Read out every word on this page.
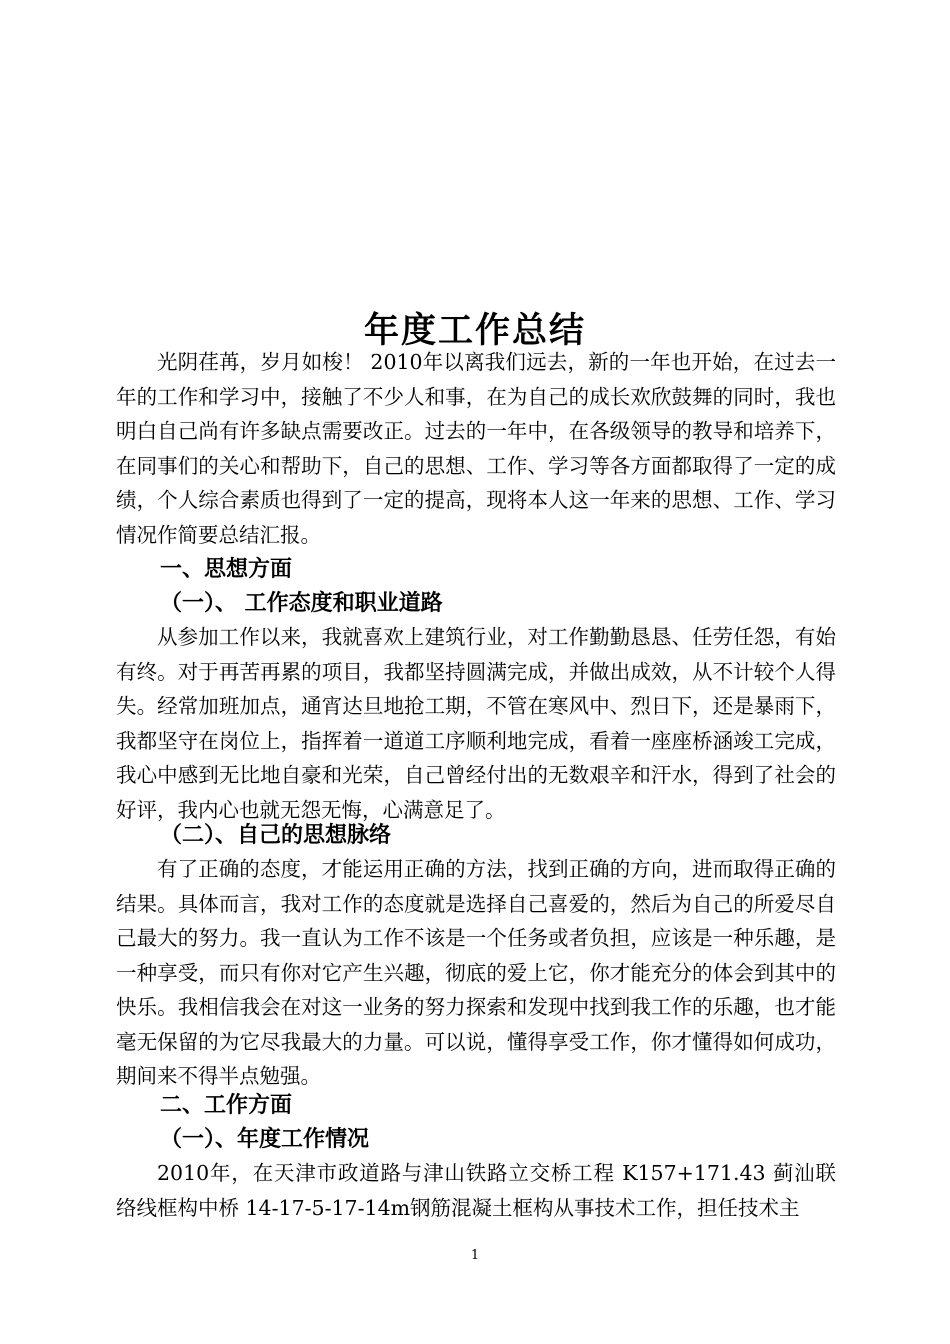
年度工作总结

光阴荏苒，岁月如梭！ 2010年以离我们远去，新的一年也开始，在过去一年的工作和学习中，接触了不少人和事，在为自己的成长欢欣鼓舞的同时，我也明白自己尚有许多缺点需要改正。过去的一年中，在各级领导的教导和培养下，在同事们的关心和帮助下，自己的思想、工作、学习等各方面都取得了一定的成绩，个人综合素质也得到了一定的提高，现将本人这一年来的思想、工作、学习情况作简要总结汇报。

一、思想方面
（一）、 工作态度和职业道路

从参加工作以来，我就喜欢上建筑行业，对工作勤勤恳恳、任劳任怨，有始有终。对于再苦再累的项目，我都坚持圆满完成，并做出成效，从不计较个人得失。经常加班加点，通宵达旦地抢工期，不管在寒风中、烈日下，还是暴雨下，我都坚守在岗位上，指挥着一道道工序顺利地完成，看着一座座桥涵竣工完成，我心中感到无比地自豪和光荣，自己曾经付出的无数艰辛和汗水，得到了社会的好评，我内心也就无怨无悔，心满意足了。

（二）、自己的思想脉络

有了正确的态度，才能运用正确的方法，找到正确的方向，进而取得正确的结果。具体而言，我对工作的态度就是选择自己喜爱的，然后为自己的所爱尽自己最大的努力。我一直认为工作不该是一个任务或者负担，应该是一种乐趣，是一种享受，而只有你对它产生兴趣，彻底的爱上它，你才能充分的体会到其中的快乐。我相信我会在对这一业务的努力探索和发现中找到我工作的乐趣，也才能毫无保留的为它尽我最大的力量。可以说，懂得享受工作，你才懂得如何成功，期间来不得半点勉强。

二、工作方面
（一）、年度工作情况

2010年，在天津市政道路与津山铁路立交桥工程 K157+171.43 蓟汕联络线框构中桥 14-17-5-17-14m钢筋混凝土框构从事技术工作，担任技术主

1
